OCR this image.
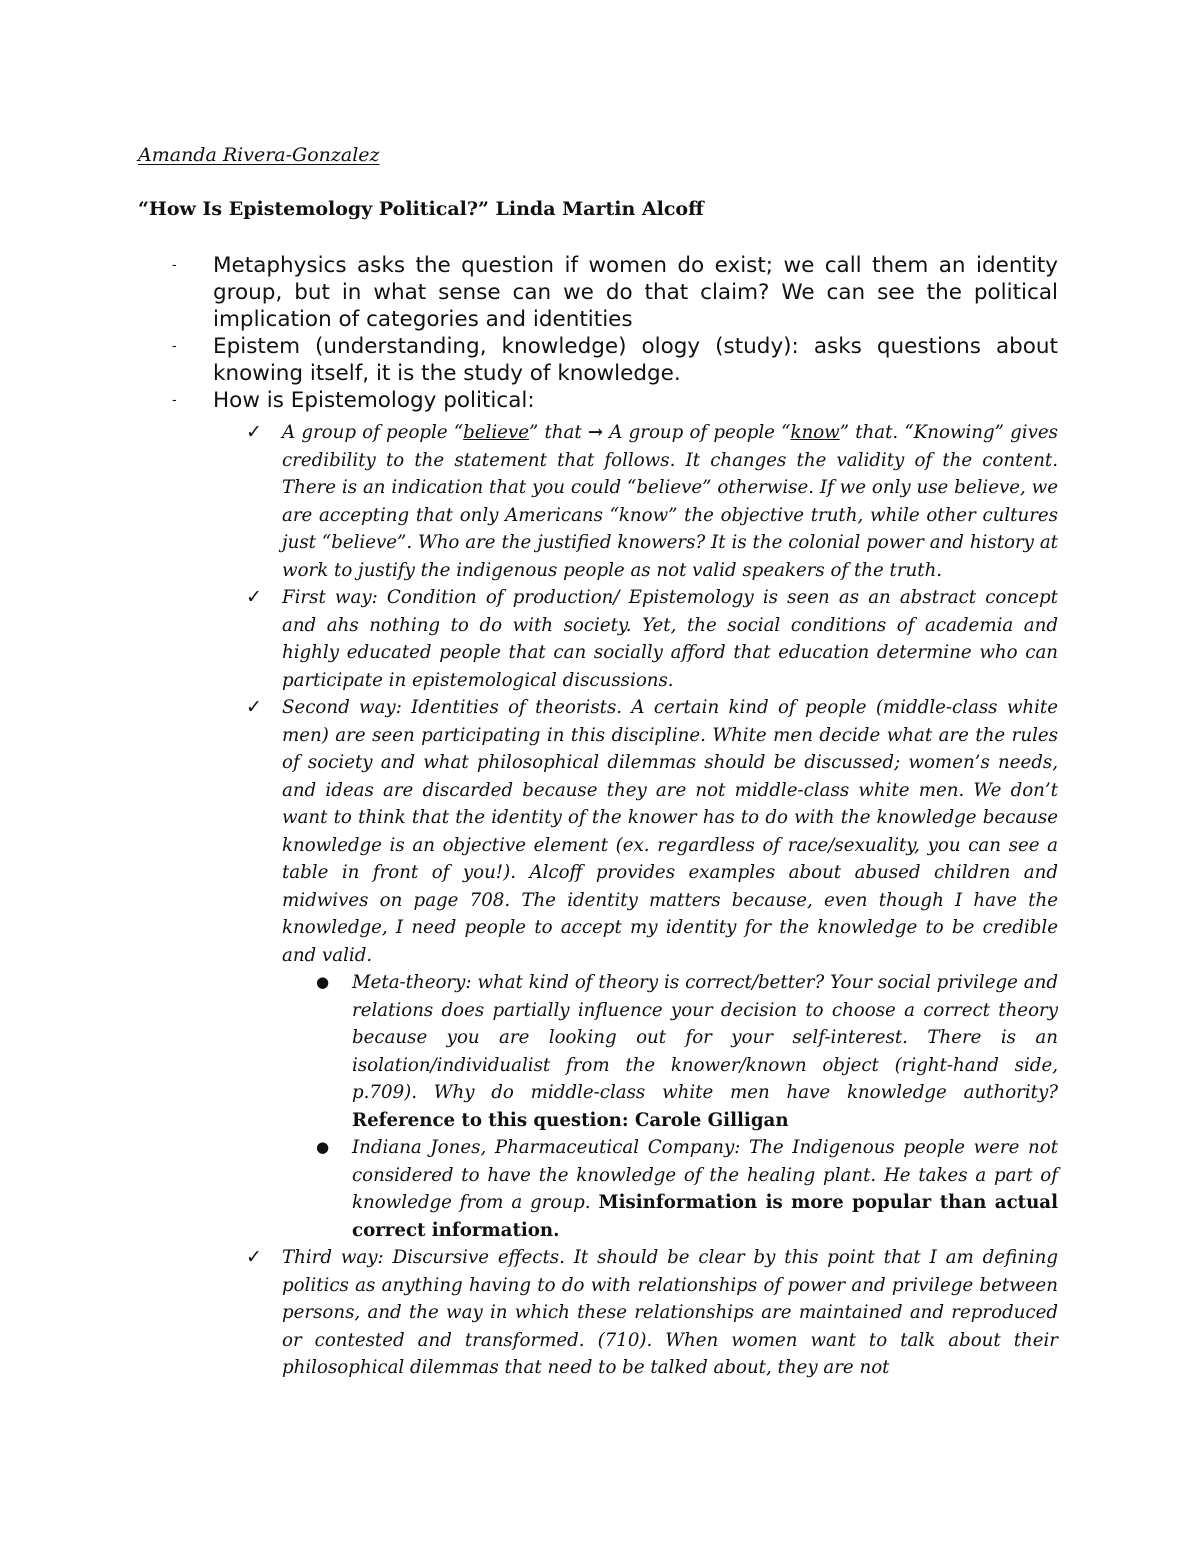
Amanda Rivera-Gonzalez
“How Is Epistemology Political?” Linda Martin Alcoff
- Metaphysics asks the question if women do exist; we call them an identity group, but in what sense can we do that claim? We can see the political implication of categories and identities

- Epistem (understanding, knowledge) ology (study): asks questions about knowing itself, it is the study of knowledge.

- How is Epistemology political:

✓ A group of people “believe” that → A group of people “know” that. “Knowing” gives credibility to the statement that follows. It changes the validity of the content. There is an indication that you could “believe” otherwise. If we only use believe, we are accepting that only Americans “know” the objective truth, while other cultures just “believe”. Who are the justified knowers? It is the colonial power and history at work to justify the indigenous people as not valid speakers of the truth.

✓ First way: Condition of production/ Epistemology is seen as an abstract concept and ahs nothing to do with society. Yet, the social conditions of academia and highly educated people that can socially afford that education determine who can participate in epistemological discussions.

✓ Second way: Identities of theorists. A certain kind of people (middle-class white men) are seen participating in this discipline. White men decide what are the rules of society and what philosophical dilemmas should be discussed; women’s needs, and ideas are discarded because they are not middle-class white men. We don’t want to think that the identity of the knower has to do with the knowledge because knowledge is an objective element (ex. regardless of race/sexuality, you can see a table in front of you!). Alcoff provides examples about abused children and midwives on page 708. The identity matters because, even though I have the knowledge, I need people to accept my identity for the knowledge to be credible and valid.

● Meta-theory: what kind of theory is correct/better? Your social privilege and relations does partially influence your decision to choose a correct theory because you are looking out for your self-interest. There is an isolation/individualist from the knower/known object (right-hand side, p.709). Why do middle-class white men have knowledge authority? Reference to this question: Carole Gilligan

● Indiana Jones, Pharmaceutical Company: The Indigenous people were not considered to have the knowledge of the healing plant. He takes a part of knowledge from a group. Misinformation is more popular than actual correct information.

✓ Third way: Discursive effects. It should be clear by this point that I am defining politics as anything having to do with relationships of power and privilege between persons, and the way in which these relationships are maintained and reproduced or contested and transformed. (710). When women want to talk about their philosophical dilemmas that need to be talked about, they are not
